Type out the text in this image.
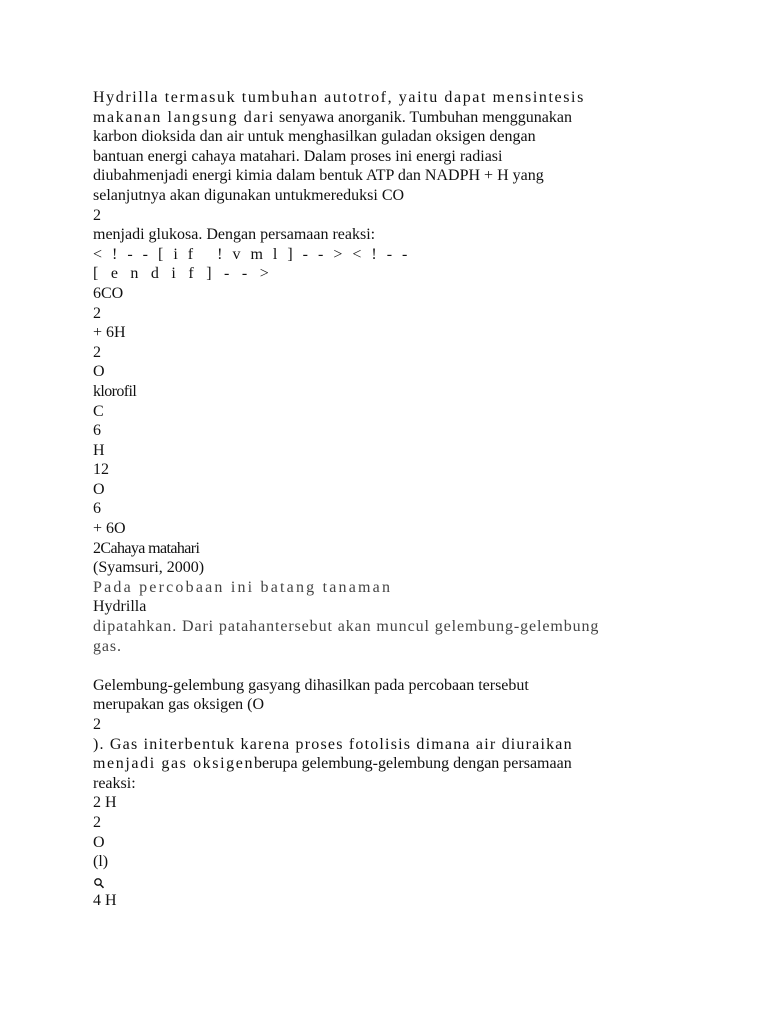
Hydrilla termasuk tumbuhan autotrof, yaitu dapat mensintesis
makanan langsung dari senyawa anorganik. Tumbuhan menggunakan
karbon dioksida dan air untuk menghasilkan guladan oksigen dengan
bantuan energi cahaya matahari. Dalam proses ini energi radiasi
diubahmenjadi energi kimia dalam bentuk ATP dan NADPH + H yang
selanjutnya akan digunakan untukmereduksi CO
2
menjadi glukosa. Dengan persamaan reaksi:
<!--[if !vml]--><!--
[endif]-->
6CO
2
+ 6H
2
O
klorofil
C
6
H
12
O
6
+ 6O
2Cahaya matahari
(Syamsuri, 2000)
Pada percobaan ini batang tanaman
Hydrilla
dipatahkan. Dari patahantersebut akan muncul gelembung-gelembung
gas.
Gelembung-gelembung gasyang dihasilkan pada percobaan tersebut
merupakan gas oksigen (O
2
). Gas initerbentuk karena proses fotolisis dimana air diuraikan
menjadi gas oksigenberupa gelembung-gelembung dengan persamaan
reaksi:
2 H
2
O
(l)
4 H
